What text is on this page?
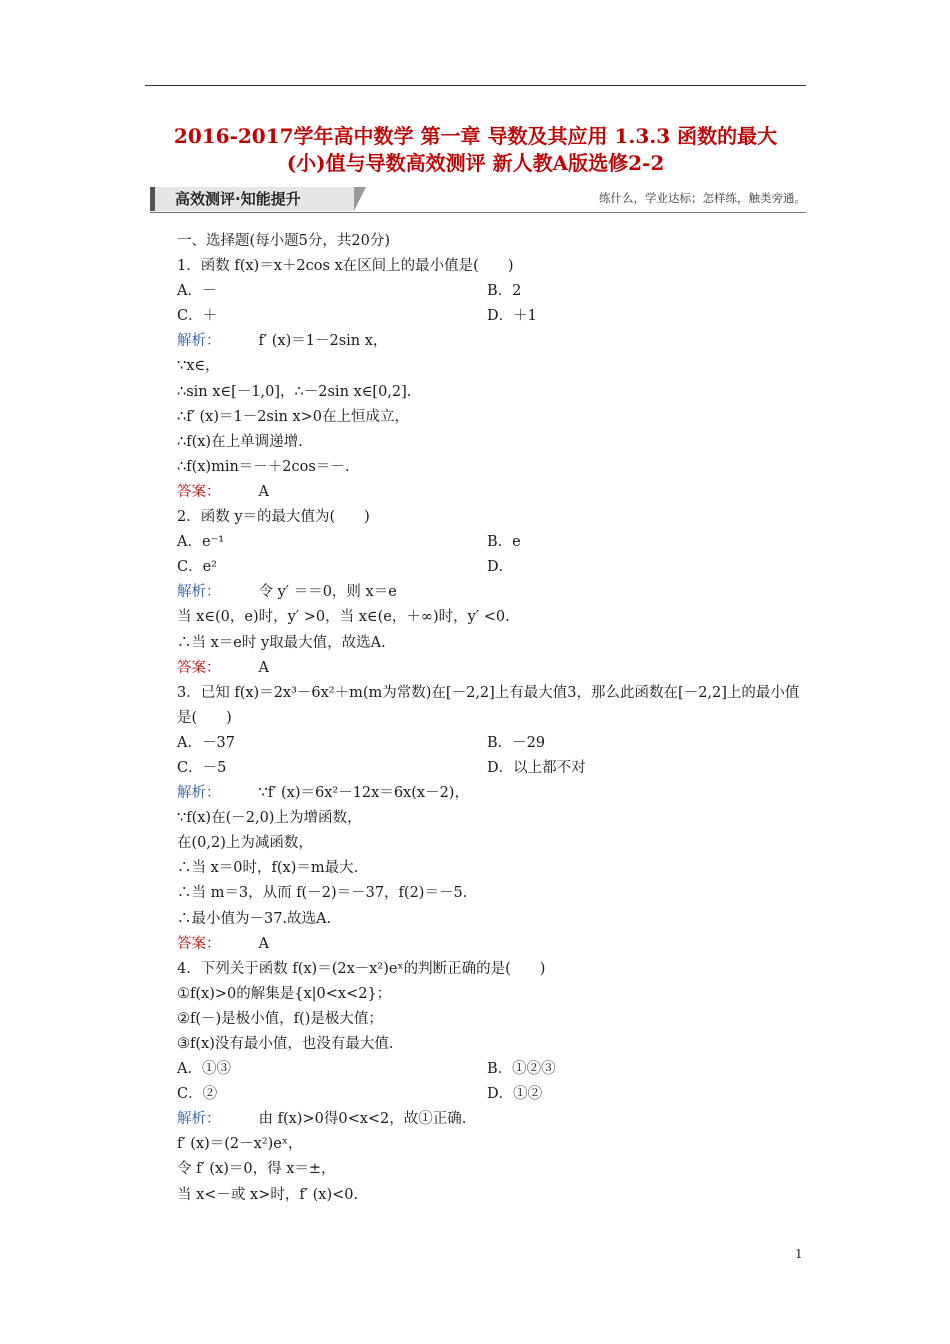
2016-2017学年高中数学 第一章 导数及其应用 1.3.3 函数的最大
(小)值与导数高效测评 新人教A版选修2-2
高效测评·知能提升	练什么，学业达标；怎样练，触类旁通。
一、选择题(每小题5分，共20分)
1．函数 f(x)＝x＋2cos x在区间上的最小值是(　　)
A．－	B．2
C．＋	D．＋1
解析：	f′ (x)＝1－2sin x，
∵x∈，
∴sin x∈[－1,0]，∴－2sin x∈[0,2].
∴f′ (x)＝1－2sin x>0在上恒成立，
∴f(x)在上单调递增.
∴f(x)min＝－＋2cos＝－.
答案：	A
2．函数 y＝的最大值为(　　)
A．e⁻¹	B．e
C．e²	D．
解析：	令 y′ ＝＝0，则 x＝e
当 x∈(0，e)时，y′ >0，当 x∈(e，＋∞)时，y′ <0.
∴当 x＝e时 y取最大值，故选A.
答案：	A
3．已知 f(x)＝2x³－6x²＋m(m为常数)在[－2,2]上有最大值3，那么此函数在[－2,2]上的最小值是(　　)
A．－37	B．－29
C．－5	D．以上都不对
解析：	∵f′ (x)＝6x²－12x＝6x(x－2)，
∵f(x)在(－2,0)上为增函数，
在(0,2)上为减函数，
∴当 x＝0时，f(x)＝m最大.
∴当 m＝3，从而 f(－2)＝－37，f(2)＝－5.
∴最小值为－37.故选A.
答案：	A
4．下列关于函数 f(x)＝(2x－x²)eˣ的判断正确的是(　　)
①f(x)>0的解集是{x|0<x<2}；
②f(－)是极小值，f()是极大值；
③f(x)没有最小值，也没有最大值.
A．①③	B．①②③
C．②	D．①②
解析：	由 f(x)>0得0<x<2，故①正确.
f′ (x)＝(2－x²)eˣ，
令 f′ (x)＝0，得 x＝±，
当 x<－或 x>时，f′ (x)<0.
1
